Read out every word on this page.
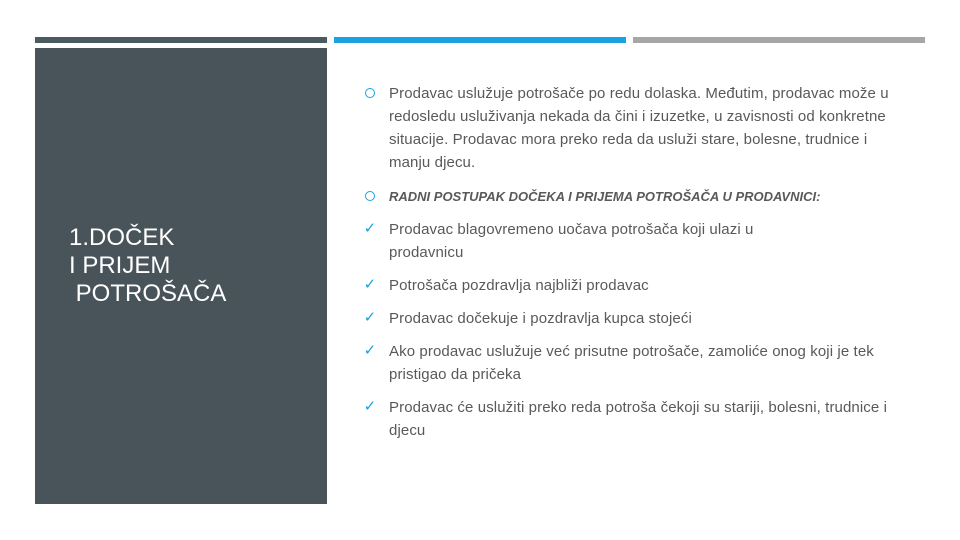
1.DOČEK
I PRIJEM
POTROŠAČA
Prodavac uslužuje potrošače po redu dolaska. Međutim, prodavac može u redosledu usluživanja nekada da čini i izuzetke, u zavisnosti od konkretne situacije. Prodavac mora preko reda da usluži stare, bolesne, trudnice i manju djecu.
RADNI POSTUPAK DOČEKA I PRIJEMA POTROŠAČA U PRODAVNICI:
✓ Prodavac blagovremeno uočava potrošača koji ulazi u prodavnicu
✓ Potrošača pozdravlja najbliži prodavac
✓ Prodavac dočekuje i pozdravlja kupca stojeći
✓ Ako prodavac uslužuje već prisutne potrošače, zamoliće onog koji je tek pristigao da pričeka
✓ Prodavac će uslužiti preko reda potroša čekoji su stariji, bolesni, trudnice i djecu
